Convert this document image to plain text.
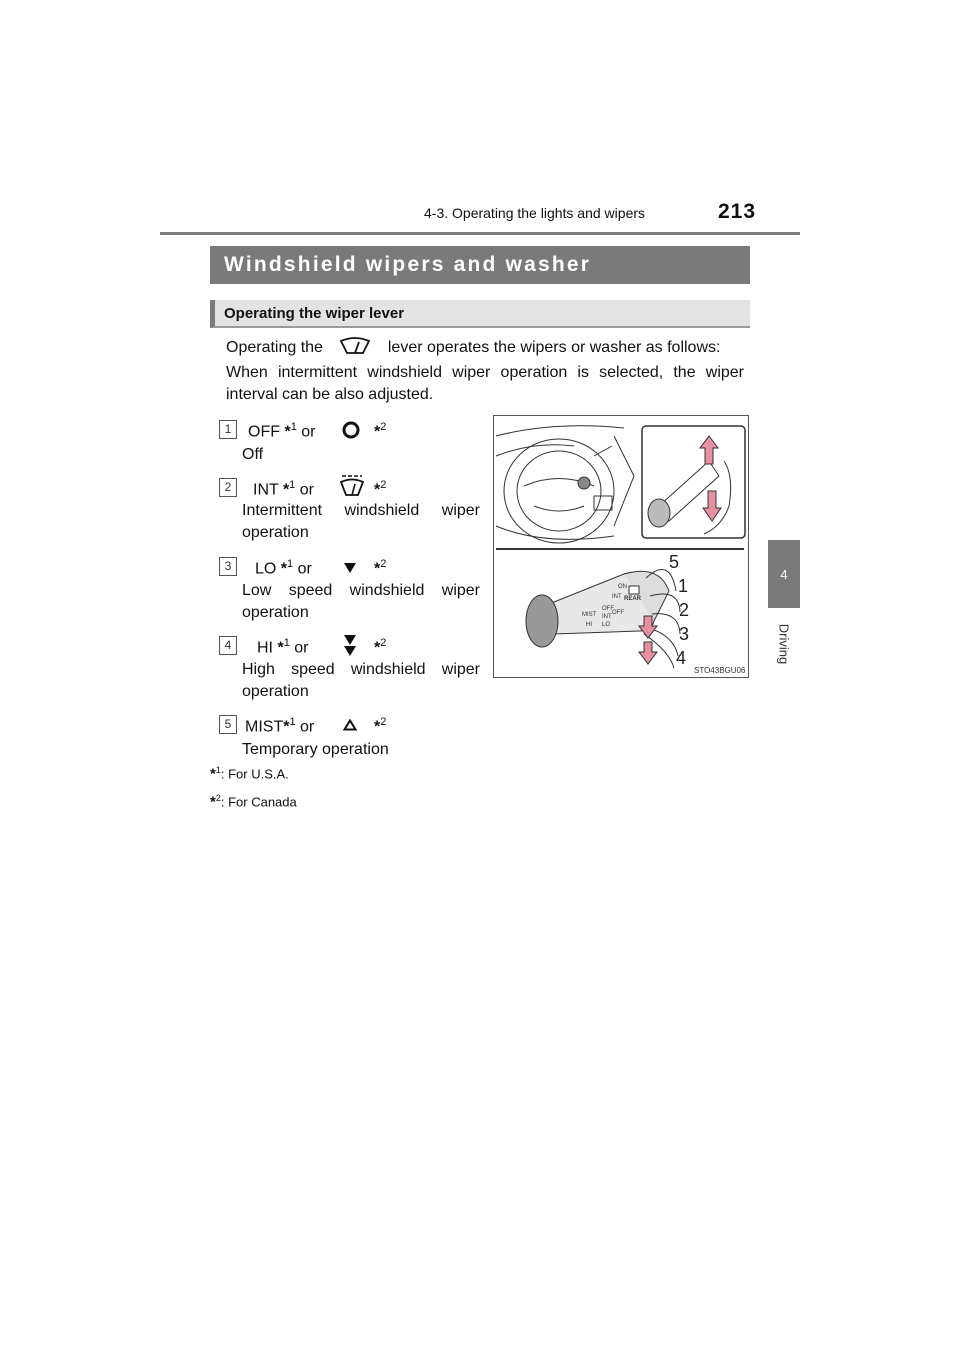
213
4-3. Operating the lights and wipers
4
Driving
Windshield wipers and washer
Operating the wiper lever
Operating the	lever operates the wipers or washer as follows:
When intermittent windshield wiper operation is selected, the wiper interval can be also adjusted.
1	OFF *$^1$ or	*$^2$
Off
2	INT *$^1$ or	*$^2$
Intermittent windshield wiper operation
3	LO *$^1$ or	*$^2$
Low speed windshield wiper operation
4	HI *$^1$ or	*$^2$
High speed windshield wiper operation
5 MIST*$^1$ or	*$^2$
Temporary operation
*$^1$: For U.S.A.
*$^2$: For Canada
MIST
OFF
INT
LO
HI
REAR
ON
INT
OFF
5
1
2
3
4
STO43BGU06
